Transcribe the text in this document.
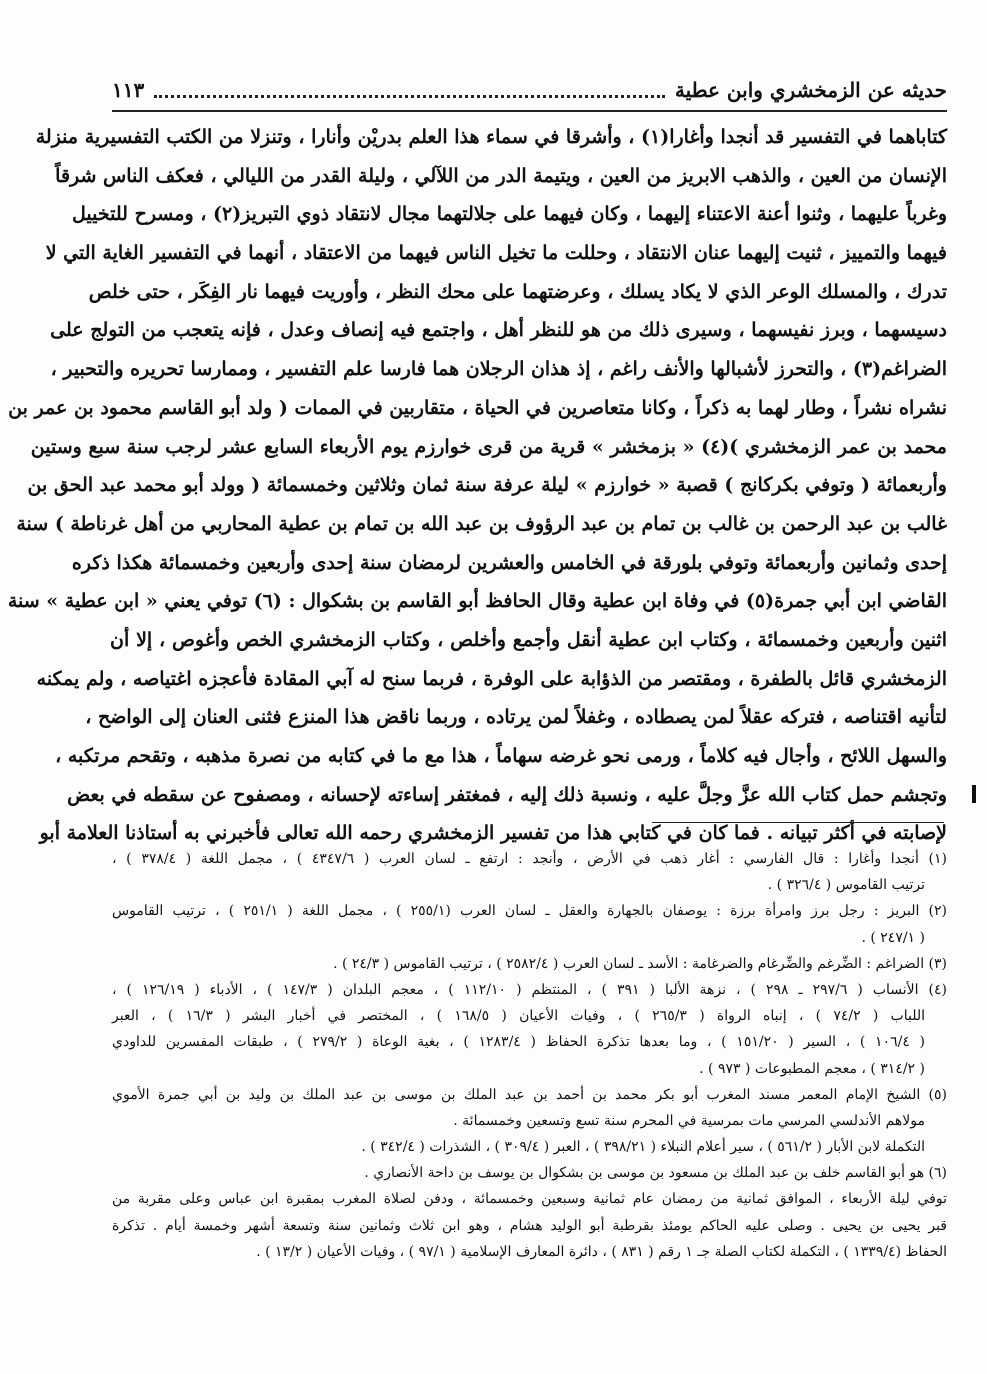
حديثه عن الزمخشري وابن عطية
١١٣
كتاباهما في التفسير قد أنجدا وأغارا(١) ، وأشرقا في سماء هذا العلم بدريْن وأنارا ، وتنزلا من الكتب التفسيرية منزلة
الإنسان من العين ، والذهب الابريز من العين ، ويتيمة الدر من اللآلي ، وليلة القدر من الليالي ، فعكف الناس شرقاً
وغرباً عليهما ، وثنوا أعنة الاعتناء إليهما ، وكان فيهما على جلالتهما مجال لانتقاد ذوي التبريز(٢) ، ومسرح للتخييل
فيهما والتمييز ، ثنيت إليهما عنان الانتقاد ، وحللت ما تخيل الناس فيهما من الاعتقاد ، أنهما في التفسير الغاية التي لا
تدرك ، والمسلك الوعر الذي لا يكاد يسلك ، وعرضتهما على محك النظر ، وأوريت فيهما نار الفِكَر ، حتى خلص
دسيسهما ، وبرز نفيسهما ، وسيرى ذلك من هو للنظر أهل ، واجتمع فيه إنصاف وعدل ، فإنه يتعجب من التولج على
الضراغم(٣) ، والتحرز لأشبالها والأنف راغم ، إذ هذان الرجلان هما فارسا علم التفسير ، وممارسا تحريره والتحبير ،
نشراه نشراً ، وطار لهما به ذكراً ، وكانا متعاصرين في الحياة ، متقاربين في الممات ( ولد أبو القاسم محمود بن عمر بن
محمد بن عمر الزمخشري )(٤) « بزمخشر » قرية من قرى خوارزم يوم الأربعاء السابع عشر لرجب سنة سبع وستين
وأربعمائة ( وتوفي بكركانج ) قصبة « خوارزم » ليلة عرفة سنة ثمان وثلاثين وخمسمائة ( وولد أبو محمد عبد الحق بن
غالب بن عبد الرحمن بن غالب بن تمام بن عبد الرؤوف بن عبد الله بن تمام بن عطية المحاربي من أهل غرناطة ) سنة
إحدى وثمانين وأربعمائة وتوفي بلورقة في الخامس والعشرين لرمضان سنة إحدى وأربعين وخمسمائة هكذا ذكره
القاضي ابن أبي جمرة(٥) في وفاة ابن عطية وقال الحافظ أبو القاسم بن بشكوال : (٦) توفي يعني « ابن عطية » سنة
اثنين وأربعين وخمسمائة ، وكتاب ابن عطية أنقل وأجمع وأخلص ، وكتاب الزمخشري الخص وأغوص ، إلا أن
الزمخشري قائل بالطفرة ، ومقتصر من الذؤابة على الوفرة ، فربما سنح له آبي المقادة فأعجزه اغتياصه ، ولم يمكنه
لتأنيه اقتناصه ، فتركه عقلاً لمن يصطاده ، وغفلاً لمن يرتاده ، وربما ناقض هذا المنزع فثنى العنان إلى الواضح ،
والسهل اللائح ، وأجال فيه كلاماً ، ورمى نحو غرضه سهاماً ، هذا مع ما في كتابه من نصرة مذهبه ، وتقحم مرتكبه ،
وتجشم حمل كتاب الله عزَّ وجلَّ عليه ، ونسبة ذلك إليه ، فمغتفر إساءته لإحسانه ، ومصفوح عن سقطه في بعض
لإصابته في أكثر تبيانه . فما كان في كتابي هذا من تفسير الزمخشري رحمه الله تعالى فأخبرني به أستاذنا العلامة أبو
(١) أنجدا وأغارا : قال الفارسي : أغار ذهب في الأرض ، وأنجد : ارتفع ـ لسان العرب ( ٤٣٤٧/٦ ) ، مجمل اللغة ( ٣٧٨/٤ ) ،
ترتيب القاموس ( ٣٢٦/٤ ) .
(٢) البريز : رجل برز وامرأة برزة : يوصفان بالجهارة والعقل ـ لسان العرب (٢٥٥/١ ) ، مجمل اللغة ( ٢٥١/١ ) ، ترتيب القاموس
( ٢٤٧/١ ) .
(٣) الضراغم : الضِّرغم والضِّرغام والضرغامة : الأسد ـ لسان العرب ( ٢٥٨٢/٤ ) ، ترتيب القاموس ( ٢٤/٣ ) .
(٤) الأنساب ( ٢٩٧/٦ ـ ٢٩٨ ) ، نزهة الألبا ( ٣٩١ ) ، المنتظم ( ١١٢/١٠ ) ، معجم البلدان ( ١٤٧/٣ ) ، الأدباء ( ١٢٦/١٩ ) ،
اللباب ( ٧٤/٢ ) ، إنباه الرواة ( ٢٦٥/٣ ) ، وفيات الأعيان ( ١٦٨/٥ ) ، المختصر في أخبار البشر ( ١٦/٣ ) ، العبر
( ١٠٦/٤ ) ، السير ( ١٥١/٢٠ ) ، وما بعدها تذكرة الحفاظ ( ١٢٨٣/٤ ) ، بغية الوعاة ( ٢٧٩/٢ ) ، طبقات المفسرين للداودي
( ٣١٤/٢ ) ، معجم المطبوعات ( ٩٧٣ ) .
(٥) الشيخ الإمام المعمر مسند المغرب أبو بكر محمد بن أحمد بن عبد الملك بن موسى بن عبد الملك بن وليد بن أبي جمرة الأموي
مولاهم الأندلسي المرسي مات بمرسية في المحرم سنة تسع وتسعين وخمسمائة .
التكملة لابن الأبار ( ٥٦١/٢ ) ، سير أعلام النبلاء ( ٣٩٨/٢١ ) ، العبر ( ٣٠٩/٤ ) ، الشذرات ( ٣٤٢/٤ ) .
(٦) هو أبو القاسم خلف بن عبد الملك بن مسعود بن موسى بن بشكوال بن يوسف بن داحة الأنصاري .
توفي ليلة الأربعاء ، الموافق ثمانية من رمضان عام ثمانية وسبعين وخمسمائة ، ودفن لصلاة المغرب بمقبرة ابن عباس وعلى مقربة من
قبر يحيى بن يحيى . وصلى عليه الحاكم يومئذ بقرطبة أبو الوليد هشام ، وهو ابن ثلاث وثمانين سنة وتسعة أشهر وخمسة أيام . تذكرة
الحفاظ (١٣٣٩/٤ ) ، التكملة لكتاب الصلة جـ ١ رقم ( ٨٣١ ) ، دائرة المعارف الإسلامية ( ٩٧/١ ) ، وفيات الأعيان ( ١٣/٢ ) .
